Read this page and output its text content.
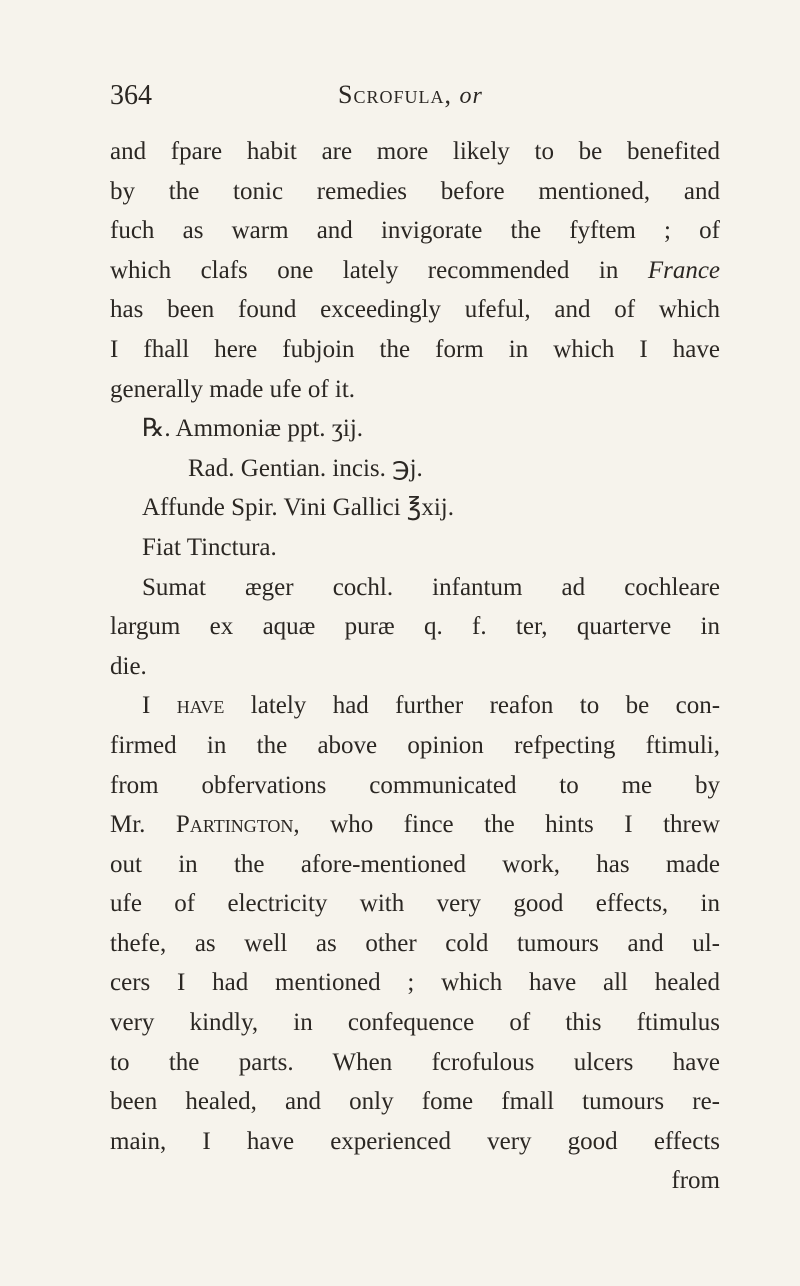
364	Scrofula, or
and fpare habit are more likely to be benefited
by the tonic remedies before mentioned, and
fuch as warm and invigorate the fyftem ; of
which clafs one lately recommended in France
has been found exceedingly ufeful, and of which
I fhall here fubjoin the form in which I have
generally made ufe of it.
℞. Ammoniæ ppt. ʒij.
Rad. Gentian. incis. ℈j.
Affunde Spir. Vini Gallici ℥xij.
Fiat Tinctura.
Sumat æger cochl. infantum ad cochleare
largum ex aquæ puræ q. f. ter, quarterve in
die.
I have lately had further reafon to be con-
firmed in the above opinion refpecting ftimuli,
from obfervations communicated to me by
Mr. Partington, who fince the hints I threw
out in the afore-mentioned work, has made
ufe of electricity with very good effects, in
thefe, as well as other cold tumours and ul-
cers I had mentioned ; which have all healed
very kindly, in confequence of this ftimulus
to the parts. When fcrofulous ulcers have
been healed, and only fome fmall tumours re-
main, I have experienced very good effects
from
